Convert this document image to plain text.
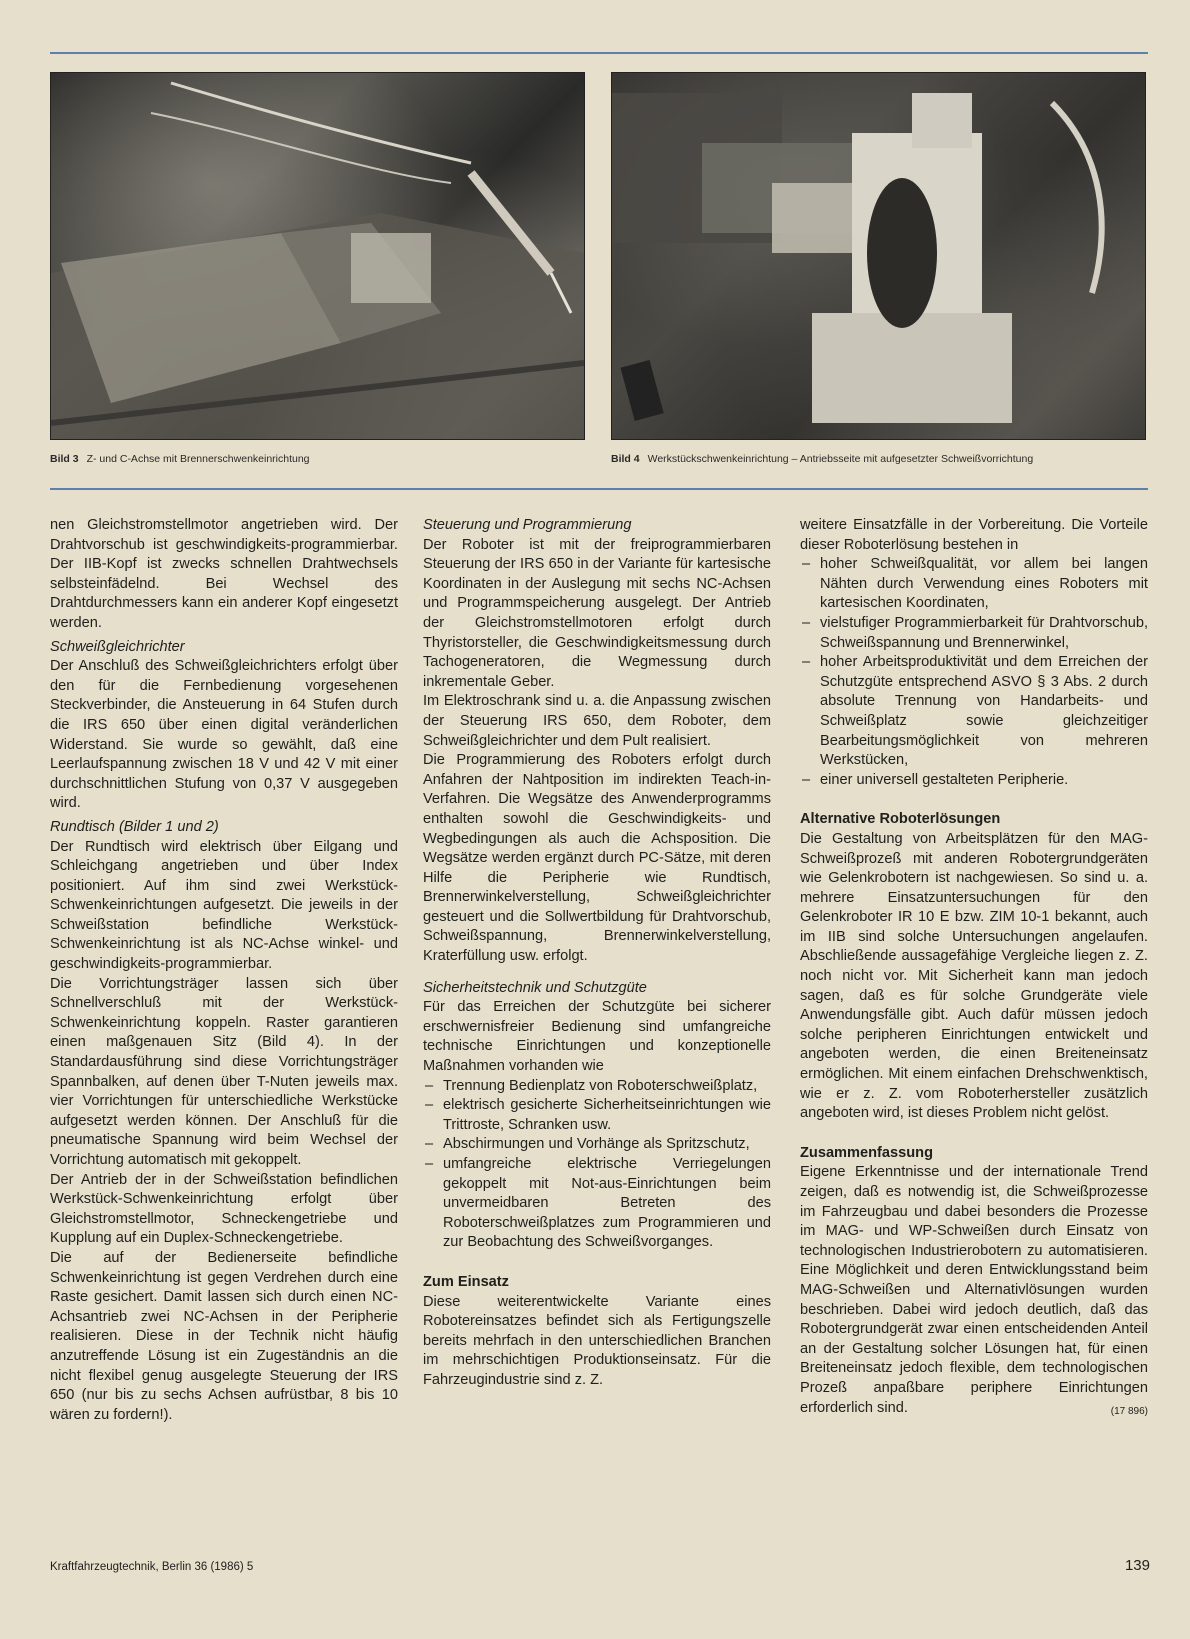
Bild 3 Z- und C-Achse mit Brennerschwenkeinrichtung	Bild 4 Werkstückschwenkeinrichtung – Antriebsseite mit aufgesetzter Schweißvorrichtung

nen Gleichstromstellmotor angetrieben wird. Der Drahtvorschub ist geschwindigkeits-programmierbar. Der IIB-Kopf ist zwecks schnellen Drahtwechsels selbsteinfädelnd. Bei Wechsel des Drahtdurchmessers kann ein anderer Kopf eingesetzt werden.

Schweißgleichrichter

Der Anschluß des Schweißgleichrichters erfolgt über den für die Fernbedienung vorgesehenen Steckverbinder, die Ansteuerung in 64 Stufen durch die IRS 650 über einen digital veränderlichen Widerstand. Sie wurde so gewählt, daß eine Leerlaufspannung zwischen 18 V und 42 V mit einer durchschnittlichen Stufung von 0,37 V ausgegeben wird.

Rundtisch (Bilder 1 und 2)

Der Rundtisch wird elektrisch über Eilgang und Schleichgang angetrieben und über Index positioniert. Auf ihm sind zwei Werkstück-Schwenkeinrichtungen aufgesetzt. Die jeweils in der Schweißstation befindliche Werkstück-Schwenkeinrichtung ist als NC-Achse winkel- und geschwindigkeits-programmierbar.

Die Vorrichtungsträger lassen sich über Schnellverschluß mit der Werkstück-Schwenkeinrichtung koppeln. Raster garantieren einen maßgenauen Sitz (Bild 4). In der Standardausführung sind diese Vorrichtungsträger Spannbalken, auf denen über T-Nuten jeweils max. vier Vorrichtungen für unterschiedliche Werkstücke aufgesetzt werden können. Der Anschluß für die pneumatische Spannung wird beim Wechsel der Vorrichtung automatisch mit gekoppelt.

Der Antrieb der in der Schweißstation befindlichen Werkstück-Schwenkeinrichtung erfolgt über Gleichstromstellmotor, Schneckengetriebe und Kupplung auf ein Duplex-Schneckengetriebe.

Die auf der Bedienerseite befindliche Schwenkeinrichtung ist gegen Verdrehen durch eine Raste gesichert. Damit lassen sich durch einen NC-Achsantrieb zwei NC-Achsen in der Peripherie realisieren. Diese in der Technik nicht häufig anzutreffende Lösung ist ein Zugeständnis an die nicht flexibel genug ausgelegte Steuerung der IRS 650 (nur bis zu sechs Achsen aufrüstbar, 8 bis 10 wären zu fordern!).

Steuerung und Programmierung

Der Roboter ist mit der freiprogrammierbaren Steuerung der IRS 650 in der Variante für kartesische Koordinaten in der Auslegung mit sechs NC-Achsen und Programmspeicherung ausgelegt. Der Antrieb der Gleichstromstellmotoren erfolgt durch Thyristorsteller, die Geschwindigkeitsmessung durch Tachogeneratoren, die Wegmessung durch inkrementale Geber.

Im Elektroschrank sind u. a. die Anpassung zwischen der Steuerung IRS 650, dem Roboter, dem Schweißgleichrichter und dem Pult realisiert.

Die Programmierung des Roboters erfolgt durch Anfahren der Nahtposition im indirekten Teach-in-Verfahren. Die Wegsätze des Anwenderprogramms enthalten sowohl die Geschwindigkeits- und Wegbedingungen als auch die Achsposition. Die Wegsätze werden ergänzt durch PC-Sätze, mit deren Hilfe die Peripherie wie Rundtisch, Brennerwinkelverstellung, Schweißgleichrichter gesteuert und die Sollwertbildung für Drahtvorschub, Schweißspannung, Brennerwinkelverstellung, Kraterfüllung usw. erfolgt.

Sicherheitstechnik und Schutzgüte

Für das Erreichen der Schutzgüte bei sicherer erschwernisfreier Bedienung sind umfangreiche technische Einrichtungen und konzeptionelle Maßnahmen vorhanden wie

– Trennung Bedienplatz von Roboterschweißplatz,
– elektrisch gesicherte Sicherheitseinrichtungen wie Trittroste, Schranken usw.
– Abschirmungen und Vorhänge als Spritzschutz,
– umfangreiche elektrische Verriegelungen gekoppelt mit Not-aus-Einrichtungen beim unvermeidbaren Betreten des Roboterschweißplatzes zum Programmieren und zur Beobachtung des Schweißvorganges.

Zum Einsatz

Diese weiterentwickelte Variante eines Robotereinsatzes befindet sich als Fertigungszelle bereits mehrfach in den unterschiedlichen Branchen im mehrschichtigen Produktionseinsatz. Für die Fahrzeugindustrie sind z. Z.

weitere Einsatzfälle in der Vorbereitung. Die Vorteile dieser Roboterlösung bestehen in

– hoher Schweißqualität, vor allem bei langen Nähten durch Verwendung eines Roboters mit kartesischen Koordinaten,
– vielstufiger Programmierbarkeit für Drahtvorschub, Schweißspannung und Brennerwinkel,
– hoher Arbeitsproduktivität und dem Erreichen der Schutzgüte entsprechend ASVO § 3 Abs. 2 durch absolute Trennung von Handarbeits- und Schweißplatz sowie gleichzeitiger Bearbeitungsmöglichkeit von mehreren Werkstücken,
– einer universell gestalteten Peripherie.

Alternative Roboterlösungen

Die Gestaltung von Arbeitsplätzen für den MAG-Schweißprozeß mit anderen Robotergrundgeräten wie Gelenkrobotern ist nachgewiesen. So sind u. a. mehrere Einsatzuntersuchungen für den Gelenkroboter IR 10 E bzw. ZIM 10-1 bekannt, auch im IIB sind solche Untersuchungen angelaufen. Abschließende aussagefähige Vergleiche liegen z. Z. noch nicht vor. Mit Sicherheit kann man jedoch sagen, daß es für solche Grundgeräte viele Anwendungsfälle gibt. Auch dafür müssen jedoch solche peripheren Einrichtungen entwickelt und angeboten werden, die einen Breiteneinsatz ermöglichen. Mit einem einfachen Drehschwenktisch, wie er z. Z. vom Roboterhersteller zusätzlich angeboten wird, ist dieses Problem nicht gelöst.

Zusammenfassung

Eigene Erkenntnisse und der internationale Trend zeigen, daß es notwendig ist, die Schweißprozesse im Fahrzeugbau und dabei besonders die Prozesse im MAG- und WP-Schweißen durch Einsatz von technologischen Industrierobotern zu automatisieren. Eine Möglichkeit und deren Entwicklungsstand beim MAG-Schweißen und Alternativlösungen wurden beschrieben. Dabei wird jedoch deutlich, daß das Robotergrundgerät zwar einen entscheidenden Anteil an der Gestaltung solcher Lösungen hat, für einen Breiteneinsatz jedoch flexible, dem technologischen Prozeß anpaßbare periphere Einrichtungen erforderlich sind.	(17 896)

Kraftfahrzeugtechnik, Berlin 36 (1986) 5	139
